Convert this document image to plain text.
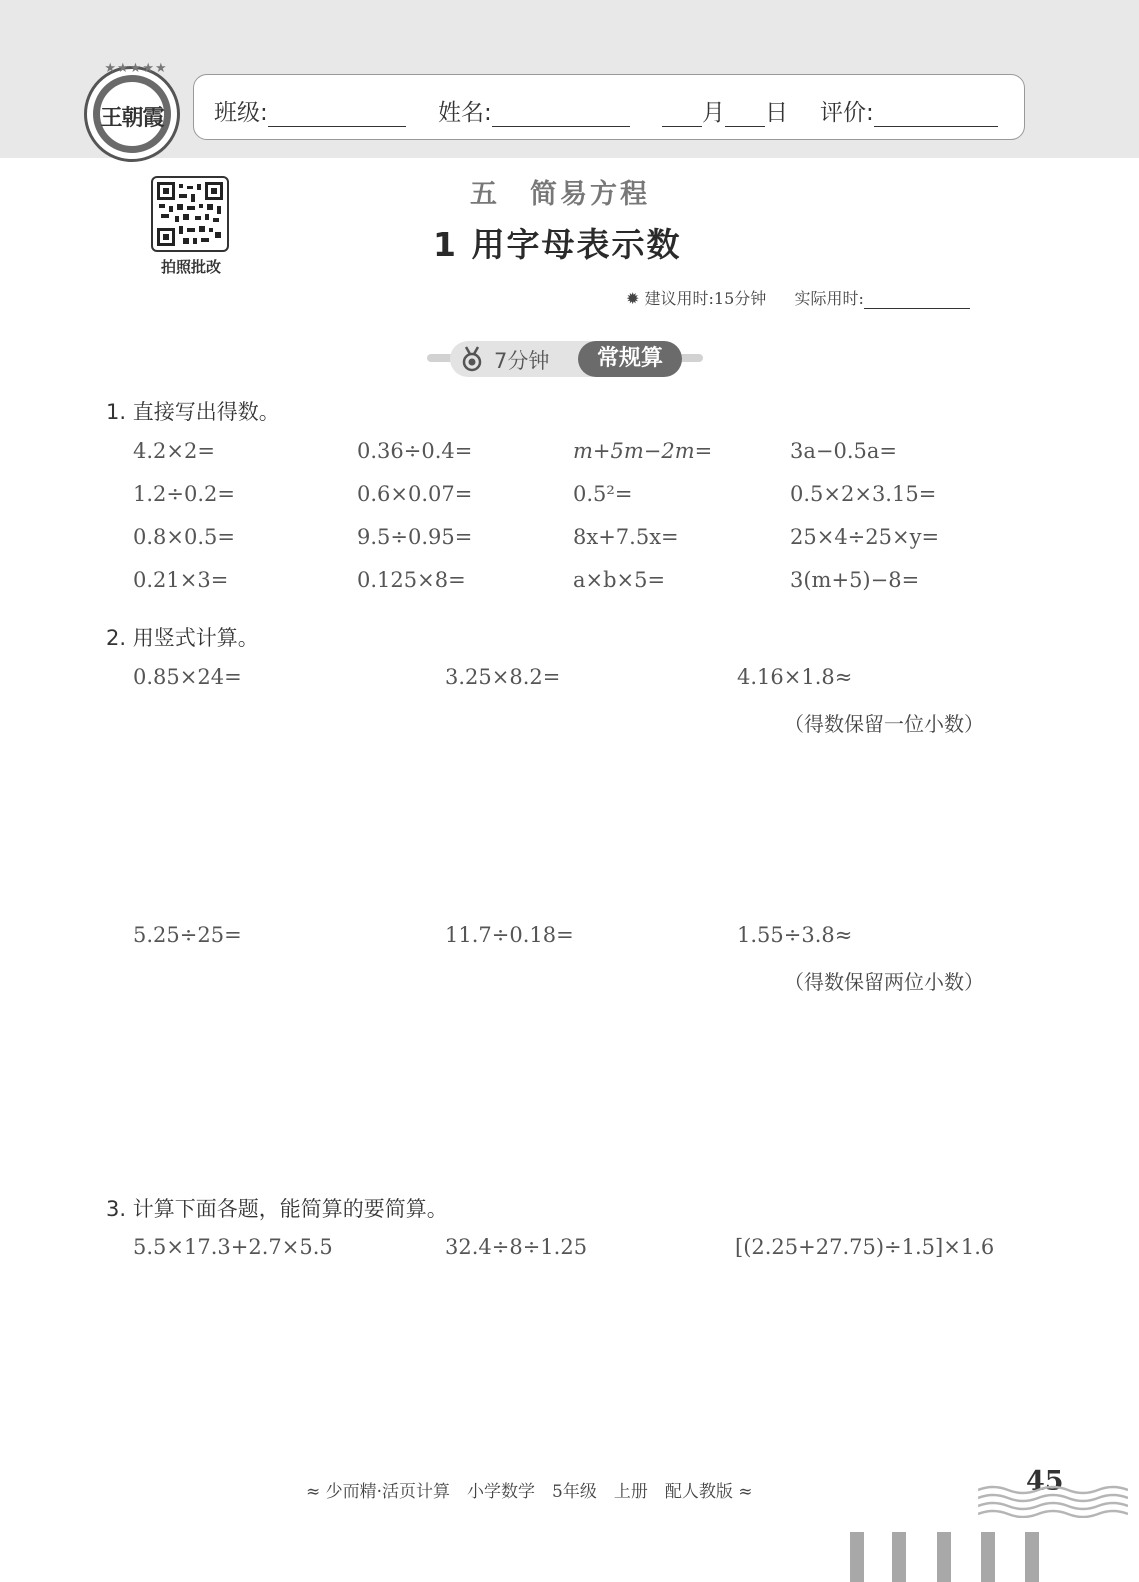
★★★★★
王朝霞	班级:	姓名:	月 日 评价:
拍照批改
五　简易方程
1 用字母表示数
✹ 建议用时:15分钟 实际用时:
7分钟	常规算
1. 直接写出得数。
4.2×2=	0.36÷0.4=	m+5m−2m=	3a−0.5a=
1.2÷0.2=	0.6×0.07=	0.5²=	0.5×2×3.15=
0.8×0.5=	9.5÷0.95=	8x+7.5x=	25×4÷25×y=
0.21×3=	0.125×8=	a×b×5=	3(m+5)−8=
2. 用竖式计算。
0.85×24=	3.25×8.2=	4.16×1.8≈
（得数保留一位小数）
5.25÷25=	11.7÷0.18=	1.55÷3.8≈
（得数保留两位小数）
3. 计算下面各题，能简算的要简算。
5.5×17.3+2.7×5.5	32.4÷8÷1.25	[(2.25+27.75)÷1.5]×1.6
≈ 少而精·活页计算　小学数学　5年级　上册　配人教版 ≈	45
